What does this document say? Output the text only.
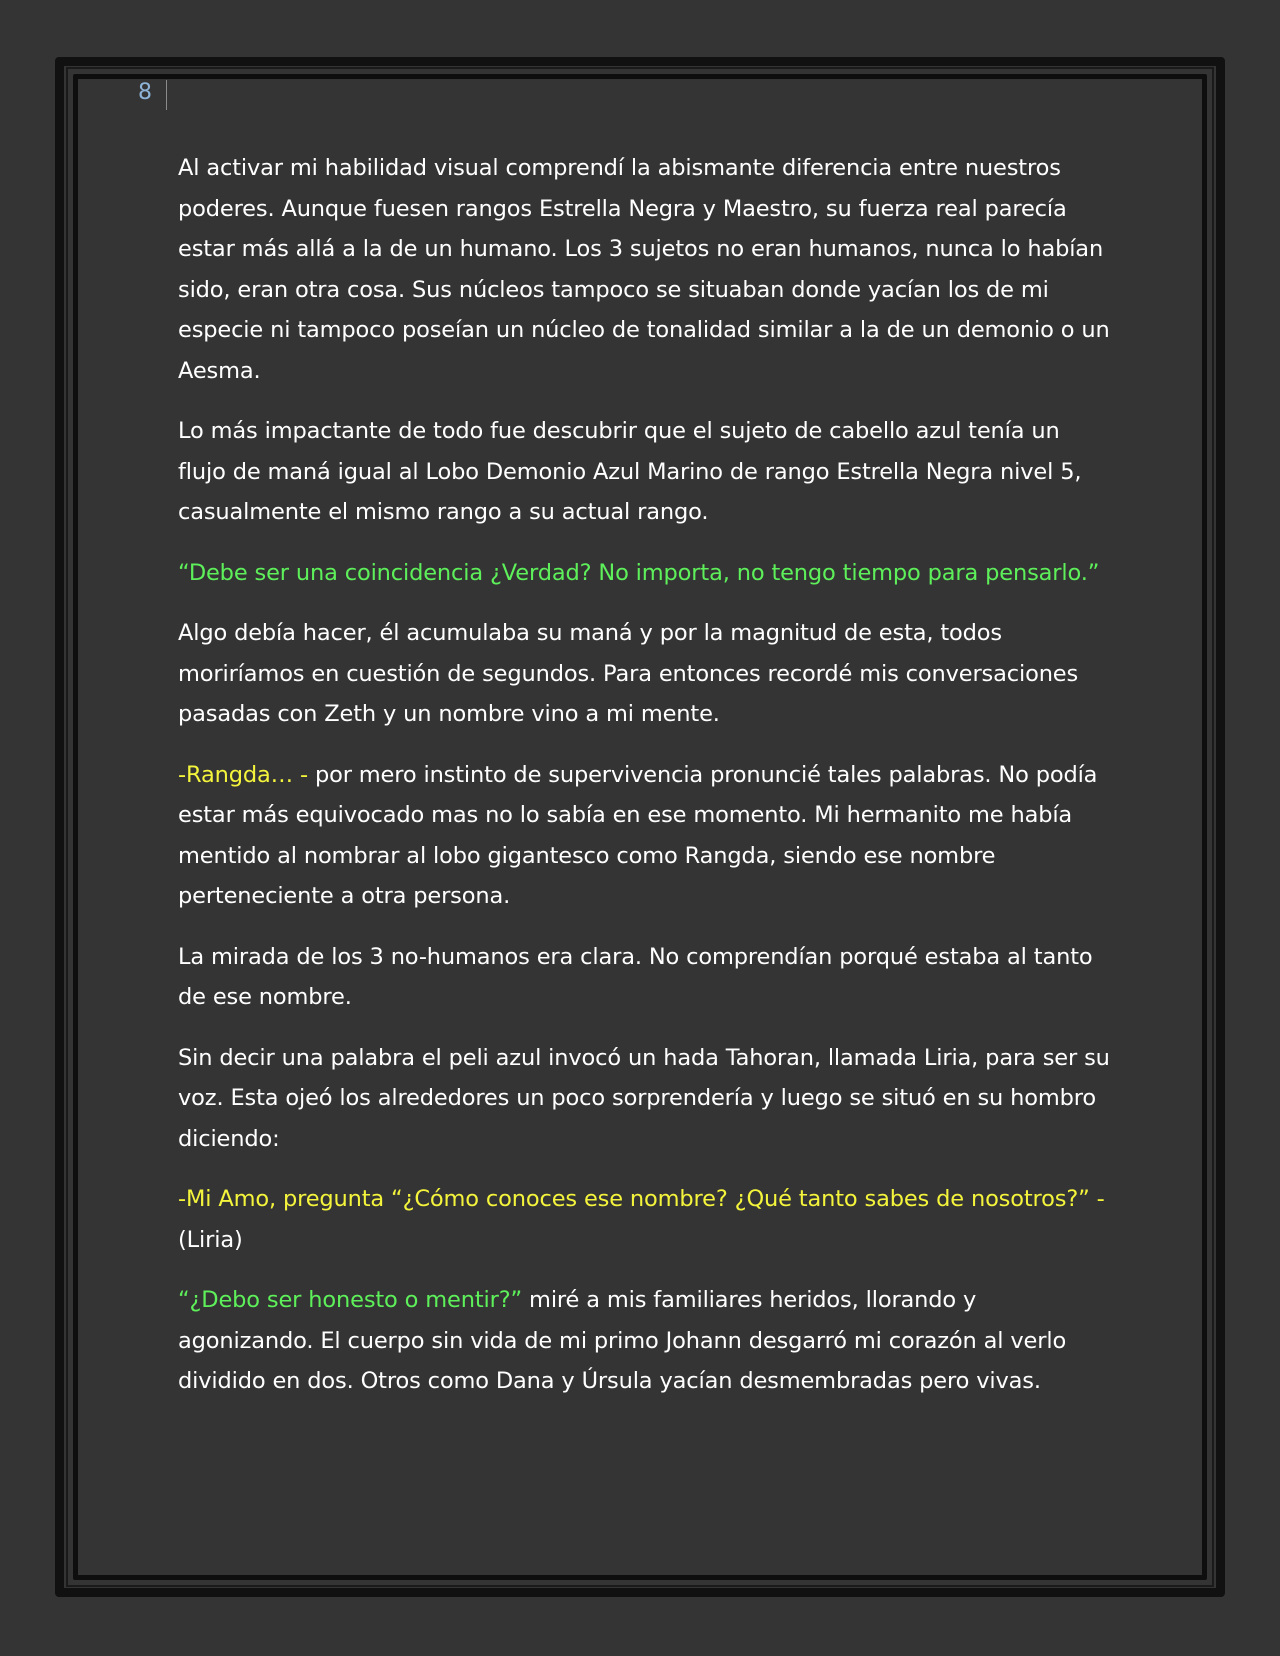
8

Al activar mi habilidad visual comprendí la abismante diferencia entre nuestros poderes. Aunque fuesen rangos Estrella Negra y Maestro, su fuerza real parecía estar más allá a la de un humano. Los 3 sujetos no eran humanos, nunca lo habían sido, eran otra cosa. Sus núcleos tampoco se situaban donde yacían los de mi especie ni tampoco poseían un núcleo de tonalidad similar a la de un demonio o un Aesma.

Lo más impactante de todo fue descubrir que el sujeto de cabello azul tenía un flujo de maná igual al Lobo Demonio Azul Marino de rango Estrella Negra nivel 5, casualmente el mismo rango a su actual rango.

“Debe ser una coincidencia ¿Verdad? No importa, no tengo tiempo para pensarlo.”

Algo debía hacer, él acumulaba su maná y por la magnitud de esta, todos moriríamos en cuestión de segundos. Para entonces recordé mis conversaciones pasadas con Zeth y un nombre vino a mi mente.

-Rangda… - por mero instinto de supervivencia pronuncié tales palabras. No podía estar más equivocado mas no lo sabía en ese momento. Mi hermanito me había mentido al nombrar al lobo gigantesco como Rangda, siendo ese nombre perteneciente a otra persona.

La mirada de los 3 no-humanos era clara. No comprendían porqué estaba al tanto de ese nombre.

Sin decir una palabra el peli azul invocó un hada Tahoran, llamada Liria, para ser su voz. Esta ojeó los alrededores un poco sorprendería y luego se situó en su hombro diciendo:

-Mi Amo, pregunta “¿Cómo conoces ese nombre? ¿Qué tanto sabes de nosotros?” - (Liria)

“¿Debo ser honesto o mentir?” miré a mis familiares heridos, llorando y agonizando. El cuerpo sin vida de mi primo Johann desgarró mi corazón al verlo dividido en dos. Otros como Dana y Úrsula yacían desmembradas pero vivas.
